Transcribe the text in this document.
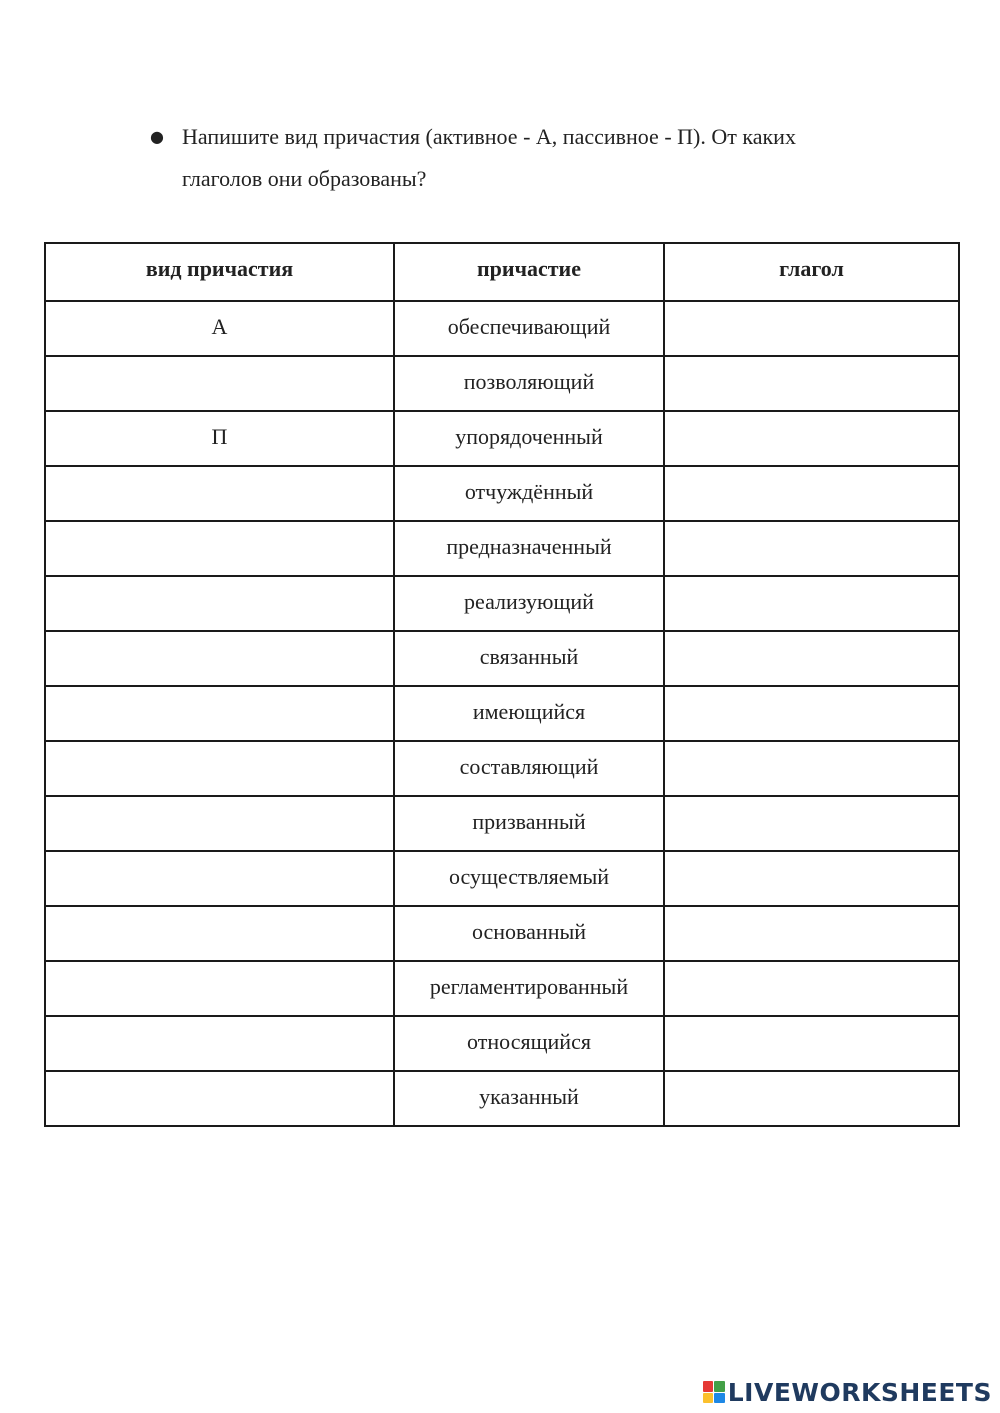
● Напишите вид причастия (активное - А, пассивное - П). От каких глаголов они образованы?
вид причастия	причастие	глагол
А	обеспечивающий	
	позволяющий	
П	упорядоченный	
	отчуждённый	
	предназначенный	
	реализующий	
	связанный	
	имеющийся	
	составляющий	
	призванный	
	осуществляемый	
	основанный	
	регламентированный	
	относящийся	
	указанный	
LIVEWORKSHEETS
